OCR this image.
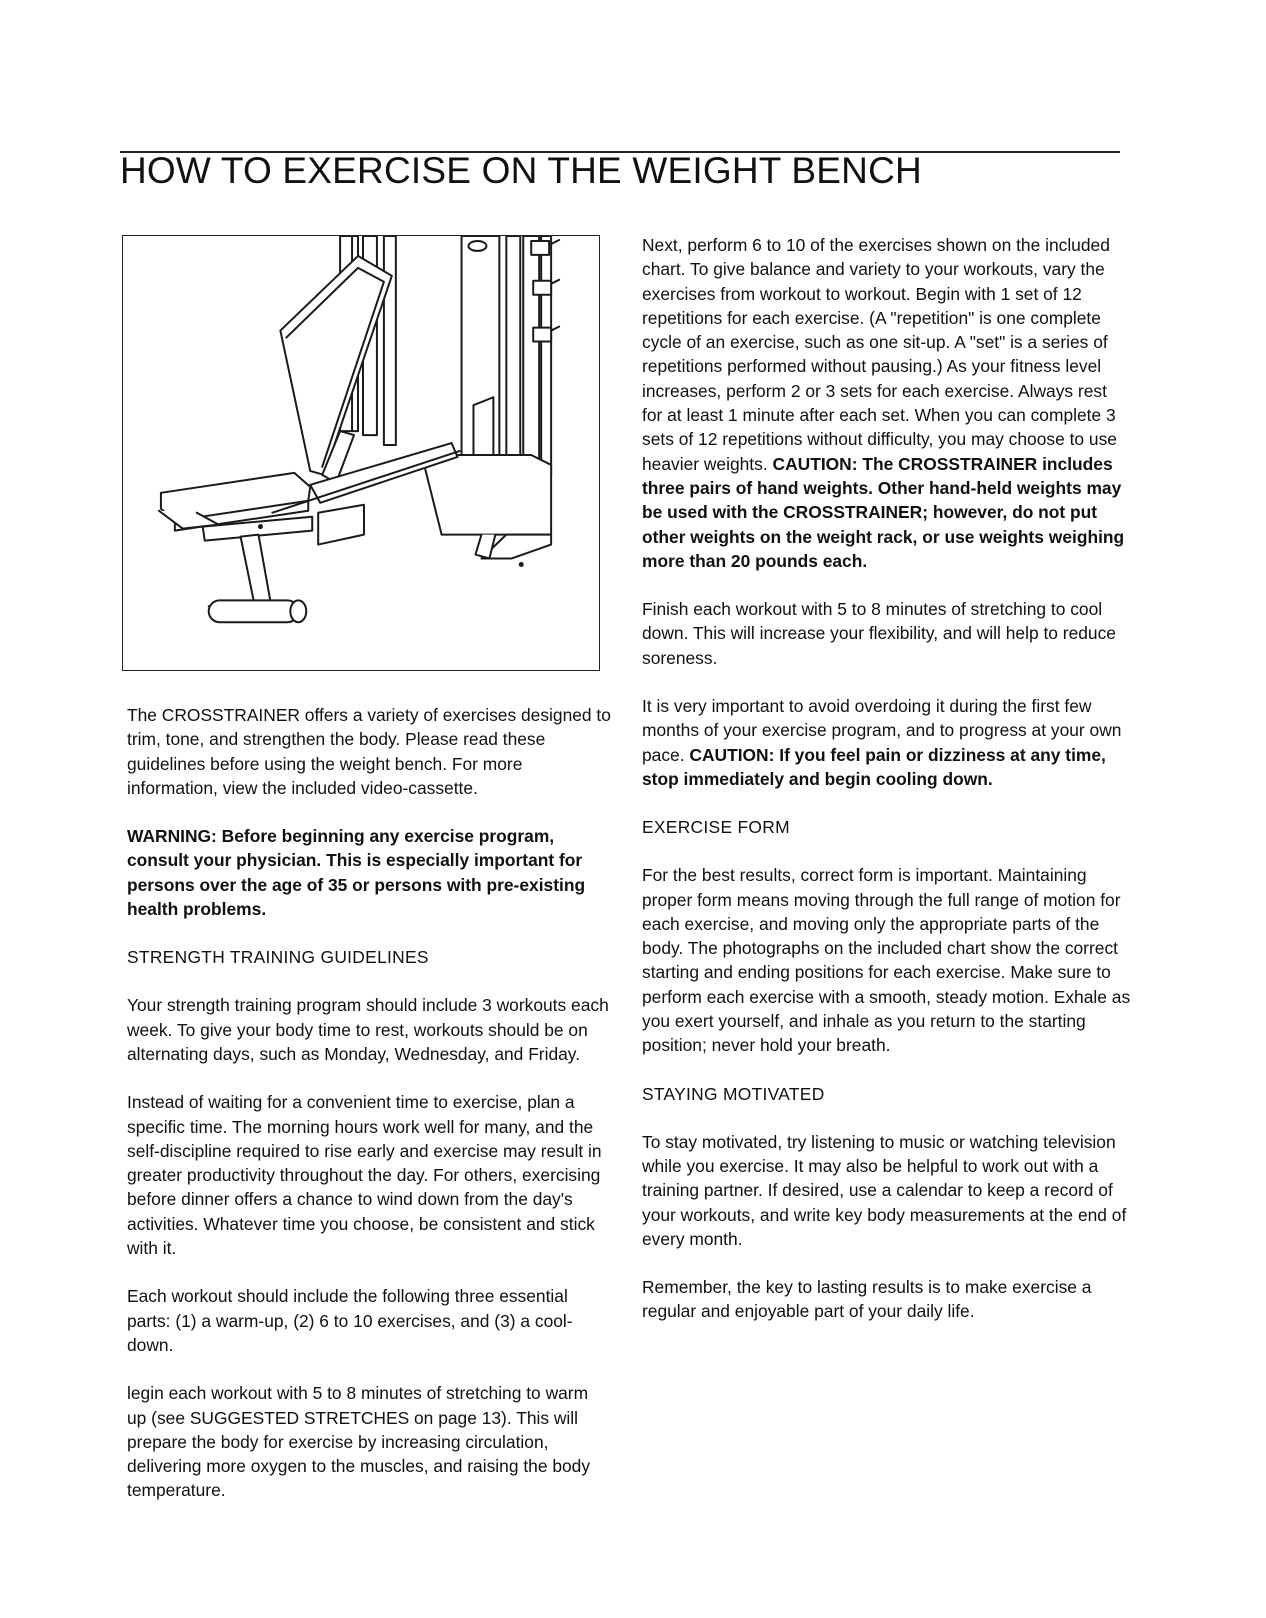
HOW TO EXERCISE ON THE WEIGHT BENCH

The CROSSTRAINER offers a variety of exercises designed to trim, tone, and strengthen the body. Please read these guidelines before using the weight bench. For more information, view the included video-cassette.

WARNING: Before beginning any exercise program, consult your physician. This is especially important for persons over the age of 35 or persons with pre-existing health problems.

STRENGTH TRAINING GUIDELINES

Your strength training program should include 3 workouts each week. To give your body time to rest, workouts should be on alternating days, such as Monday, Wednesday, and Friday.

Instead of waiting for a convenient time to exercise, plan a specific time. The morning hours work well for many, and the self-discipline required to rise early and exercise may result in greater productivity throughout the day. For others, exercising before dinner offers a chance to wind down from the day's activities. Whatever time you choose, be consistent and stick with it.

Each workout should include the following three essential parts: (1) a warm-up, (2) 6 to 10 exercises, and (3) a cool-down.

legin each workout with 5 to 8 minutes of stretching to warm up (see SUGGESTED STRETCHES on page 13). This will prepare the body for exercise by increasing circulation, delivering more oxygen to the muscles, and raising the body temperature.

Next, perform 6 to 10 of the exercises shown on the included chart. To give balance and variety to your workouts, vary the exercises from workout to workout. Begin with 1 set of 12 repetitions for each exercise. (A "repetition" is one complete cycle of an exercise, such as one sit-up. A "set" is a series of repetitions performed without pausing.) As your fitness level increases, perform 2 or 3 sets for each exercise. Always rest for at least 1 minute after each set. When you can complete 3 sets of 12 repetitions without difficulty, you may choose to use heavier weights. CAUTION: The CROSSTRAINER includes three pairs of hand weights. Other hand-held weights may be used with the CROSSTRAINER; however, do not put other weights on the weight rack, or use weights weighing more than 20 pounds each.

Finish each workout with 5 to 8 minutes of stretching to cool down. This will increase your flexibility, and will help to reduce soreness.

It is very important to avoid overdoing it during the first few months of your exercise program, and to progress at your own pace. CAUTION: If you feel pain or dizziness at any time, stop immediately and begin cooling down.

EXERCISE FORM

For the best results, correct form is important. Maintaining proper form means moving through the full range of motion for each exercise, and moving only the appropriate parts of the body. The photographs on the included chart show the correct starting and ending positions for each exercise. Make sure to perform each exercise with a smooth, steady motion. Exhale as you exert yourself, and inhale as you return to the starting position; never hold your breath.

STAYING MOTIVATED

To stay motivated, try listening to music or watching television while you exercise. It may also be helpful to work out with a training partner. If desired, use a calendar to keep a record of your workouts, and write key body measurements at the end of every month.

Remember, the key to lasting results is to make exercise a regular and enjoyable part of your daily life.
